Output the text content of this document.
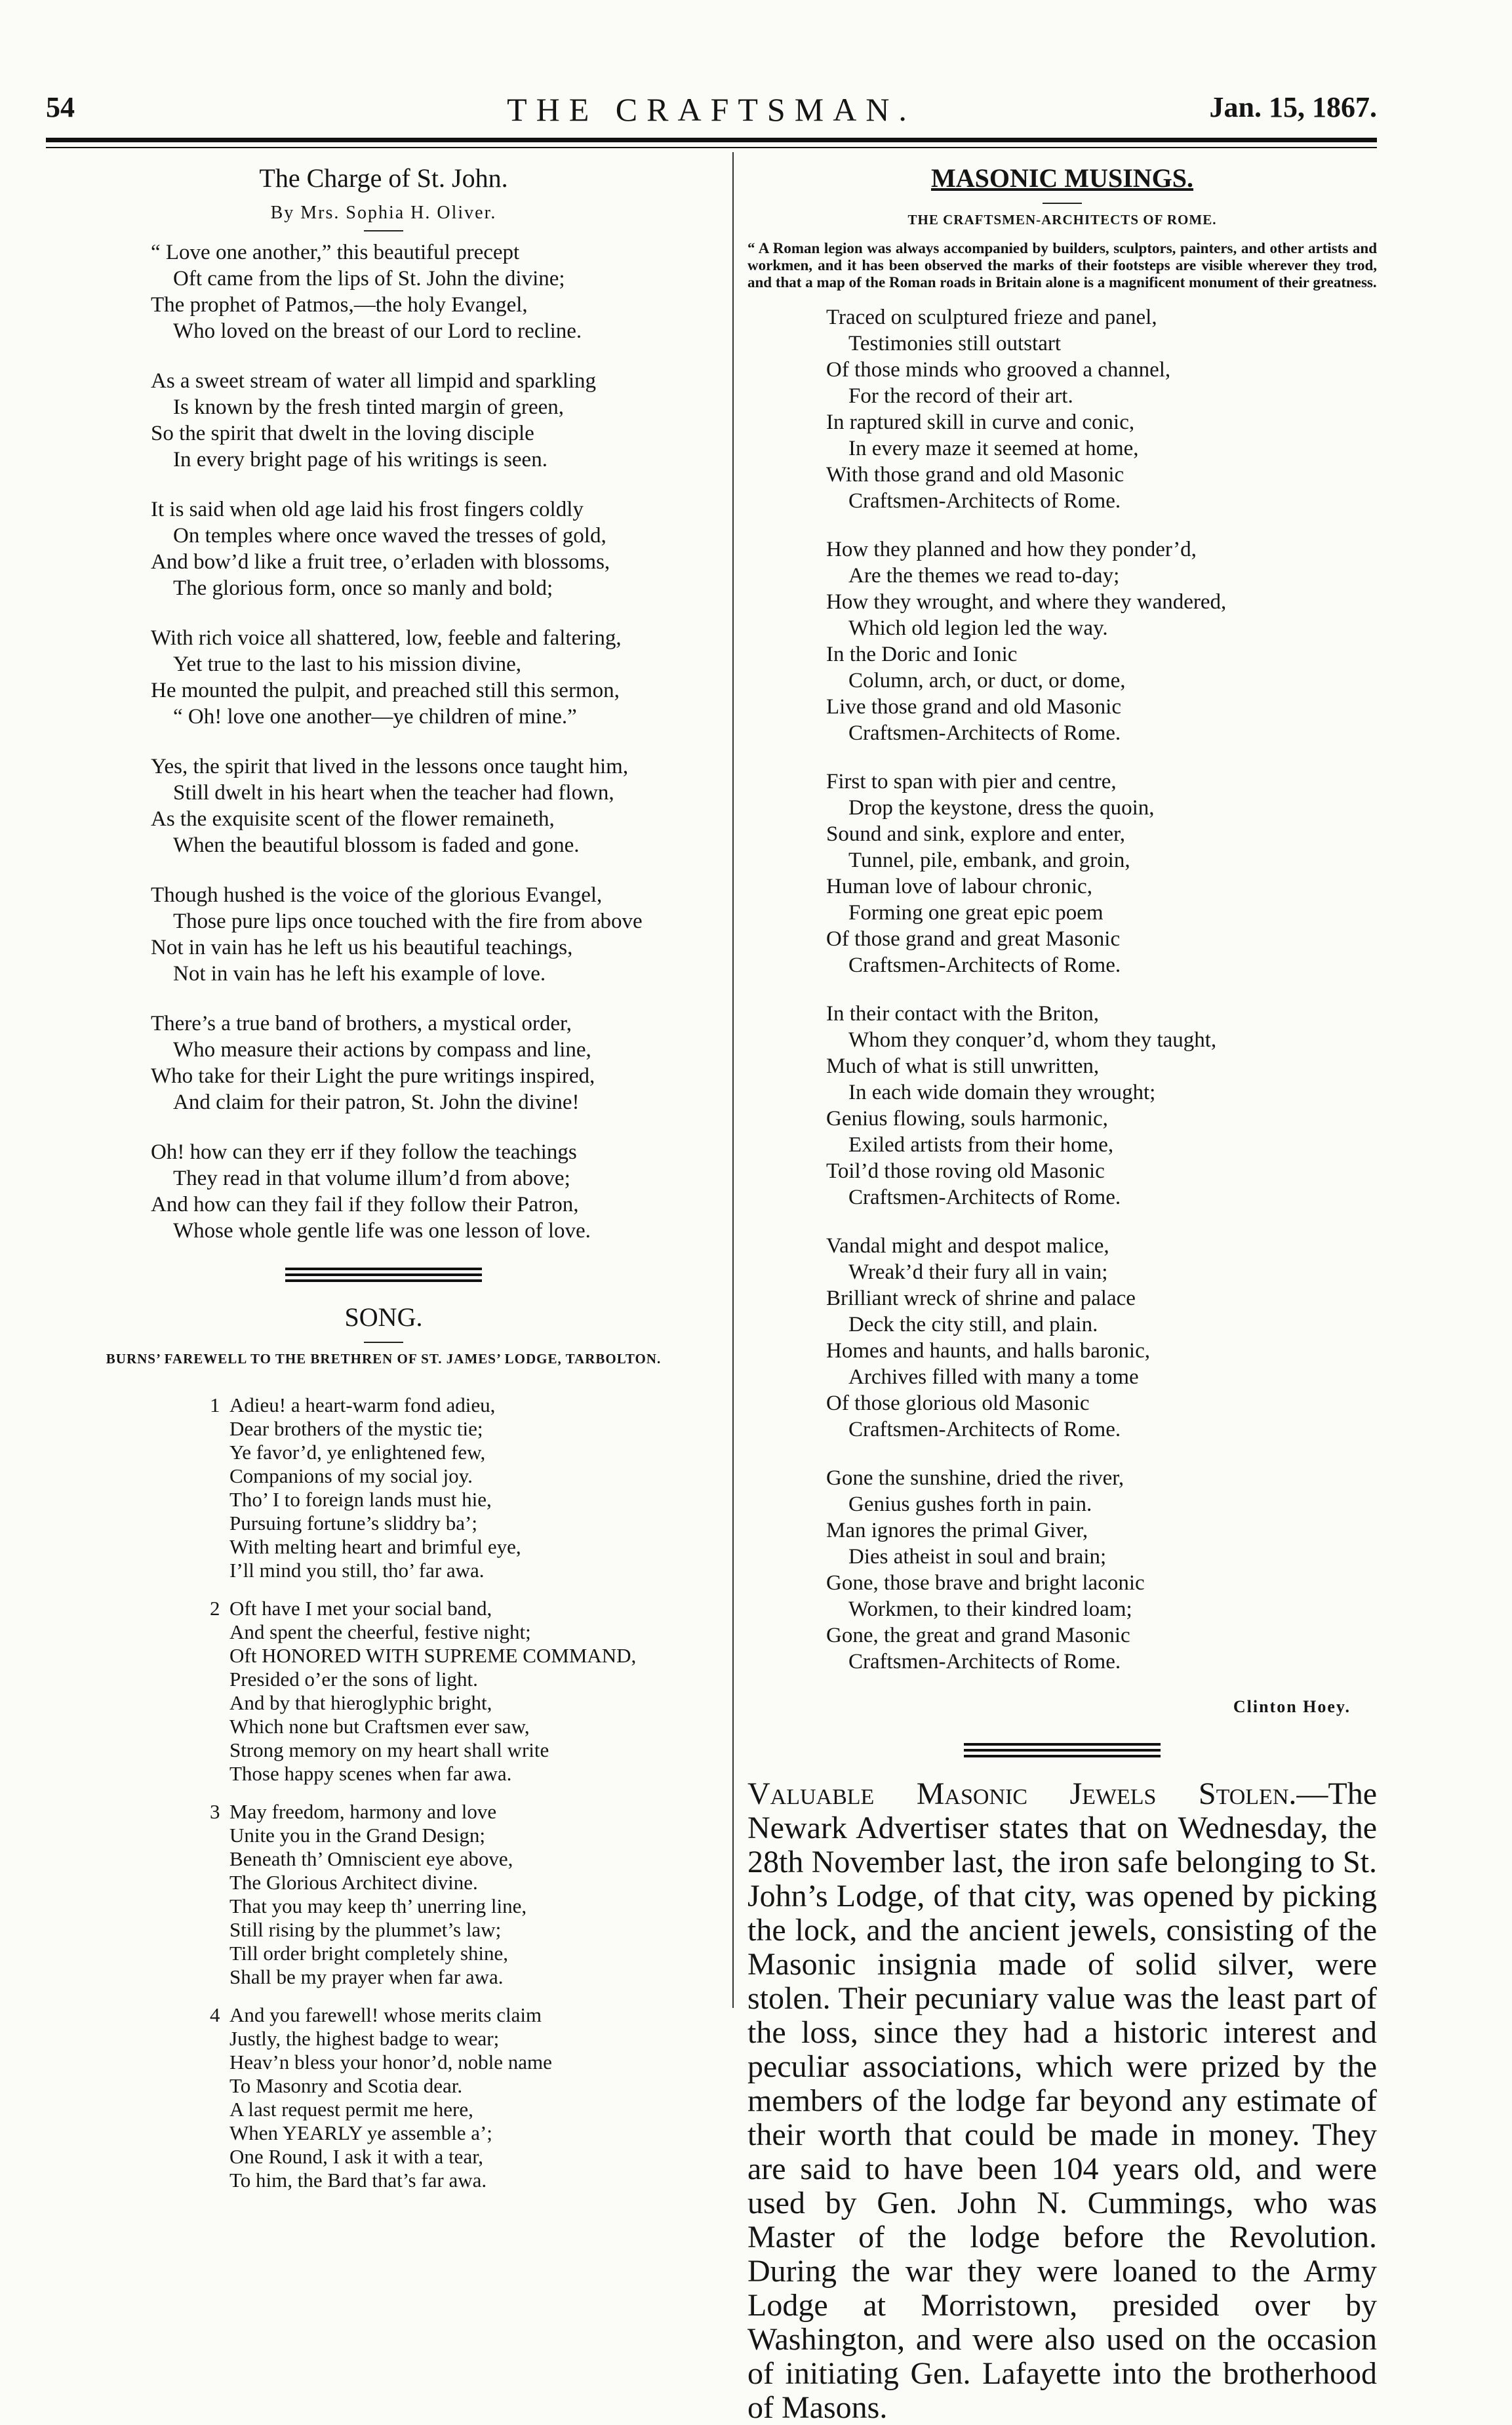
54	THE CRAFTSMAN.	Jan. 15, 1867.
The Charge of St. John.
By Mrs. Sophia H. Oliver.
“ Love one another,” this beautiful precept
Oft came from the lips of St. John the divine;
The prophet of Patmos,—the holy Evangel,
Who loved on the breast of our Lord to recline.
As a sweet stream of water all limpid and sparkling
Is known by the fresh tinted margin of green,
So the spirit that dwelt in the loving disciple
In every bright page of his writings is seen.
It is said when old age laid his frost fingers coldly
On temples where once waved the tresses of gold,
And bow’d like a fruit tree, o’erladen with blossoms,
The glorious form, once so manly and bold;
With rich voice all shattered, low, feeble and faltering,
Yet true to the last to his mission divine,
He mounted the pulpit, and preached still this sermon,
“ Oh! love one another—ye children of mine.”
Yes, the spirit that lived in the lessons once taught him,
Still dwelt in his heart when the teacher had flown,
As the exquisite scent of the flower remaineth,
When the beautiful blossom is faded and gone.
Though hushed is the voice of the glorious Evangel,
Those pure lips once touched with the fire from above
Not in vain has he left us his beautiful teachings,
Not in vain has he left his example of love.
There’s a true band of brothers, a mystical order,
Who measure their actions by compass and line,
Who take for their Light the pure writings inspired,
And claim for their patron, St. John the divine!
Oh! how can they err if they follow the teachings
They read in that volume illum’d from above;
And how can they fail if they follow their Patron,
Whose whole gentle life was one lesson of love.
SONG.
BURNS’ FAREWELL TO THE BRETHREN OF ST. JAMES’ LODGE, TARBOLTON.
1 Adieu! a heart-warm fond adieu,
Dear brothers of the mystic tie;
Ye favor’d, ye enlightened few,
Companions of my social joy.
Tho’ I to foreign lands must hie,
Pursuing fortune’s sliddry ba’;
With melting heart and brimful eye,
I’ll mind you still, tho’ far awa.
2 Oft have I met your social band,
And spent the cheerful, festive night;
Oft HONORED WITH SUPREME COMMAND,
Presided o’er the sons of light.
And by that hieroglyphic bright,
Which none but Craftsmen ever saw,
Strong memory on my heart shall write
Those happy scenes when far awa.
3 May freedom, harmony and love
Unite you in the Grand Design;
Beneath th’ Omniscient eye above,
The Glorious Architect divine.
That you may keep th’ unerring line,
Still rising by the plummet’s law;
Till order bright completely shine,
Shall be my prayer when far awa.
4 And you farewell! whose merits claim
Justly, the highest badge to wear;
Heav’n bless your honor’d, noble name
To Masonry and Scotia dear.
A last request permit me here,
When YEARLY ye assemble a’;
One Round, I ask it with a tear,
To him, the Bard that’s far awa.
MASONIC MUSINGS.
THE CRAFTSMEN-ARCHITECTS OF ROME.
“ A Roman legion was always accompanied by builders, sculptors, painters, and other artists and workmen, and it has been observed the marks of their footsteps are visible wherever they trod, and that a map of the Roman roads in Britain alone is a magnificent monument of their greatness.
Traced on sculptured frieze and panel,
Testimonies still outstart
Of those minds who grooved a channel,
For the record of their art.
In raptured skill in curve and conic,
In every maze it seemed at home,
With those grand and old Masonic
Craftsmen-Architects of Rome.
How they planned and how they ponder’d,
Are the themes we read to-day;
How they wrought, and where they wandered,
Which old legion led the way.
In the Doric and Ionic
Column, arch, or duct, or dome,
Live those grand and old Masonic
Craftsmen-Architects of Rome.
First to span with pier and centre,
Drop the keystone, dress the quoin,
Sound and sink, explore and enter,
Tunnel, pile, embank, and groin,
Human love of labour chronic,
Forming one great epic poem
Of those grand and great Masonic
Craftsmen-Architects of Rome.
In their contact with the Briton,
Whom they conquer’d, whom they taught,
Much of what is still unwritten,
In each wide domain they wrought;
Genius flowing, souls harmonic,
Exiled artists from their home,
Toil’d those roving old Masonic
Craftsmen-Architects of Rome.
Vandal might and despot malice,
Wreak’d their fury all in vain;
Brilliant wreck of shrine and palace
Deck the city still, and plain.
Homes and haunts, and halls baronic,
Archives filled with many a tome
Of those glorious old Masonic
Craftsmen-Architects of Rome.
Gone the sunshine, dried the river,
Genius gushes forth in pain.
Man ignores the primal Giver,
Dies atheist in soul and brain;
Gone, those brave and bright laconic
Workmen, to their kindred loam;
Gone, the great and grand Masonic
Craftsmen-Architects of Rome.
Clinton Hoey.
Valuable Masonic Jewels Stolen.—The Newark Advertiser states that on Wednesday, the 28th November last, the iron safe belonging to St. John’s Lodge, of that city, was opened by picking the lock, and the ancient jewels, consisting of the Masonic insignia made of solid silver, were stolen. Their pecuniary value was the least part of the loss, since they had a historic interest and peculiar associations, which were prized by the members of the lodge far beyond any estimate of their worth that could be made in money. They are said to have been 104 years old, and were used by Gen. John N. Cummings, who was Master of the lodge before the Revolution. During the war they were loaned to the Army Lodge at Morristown, presided over by Washington, and were also used on the occasion of initiating Gen. Lafayette into the brotherhood of Masons.
